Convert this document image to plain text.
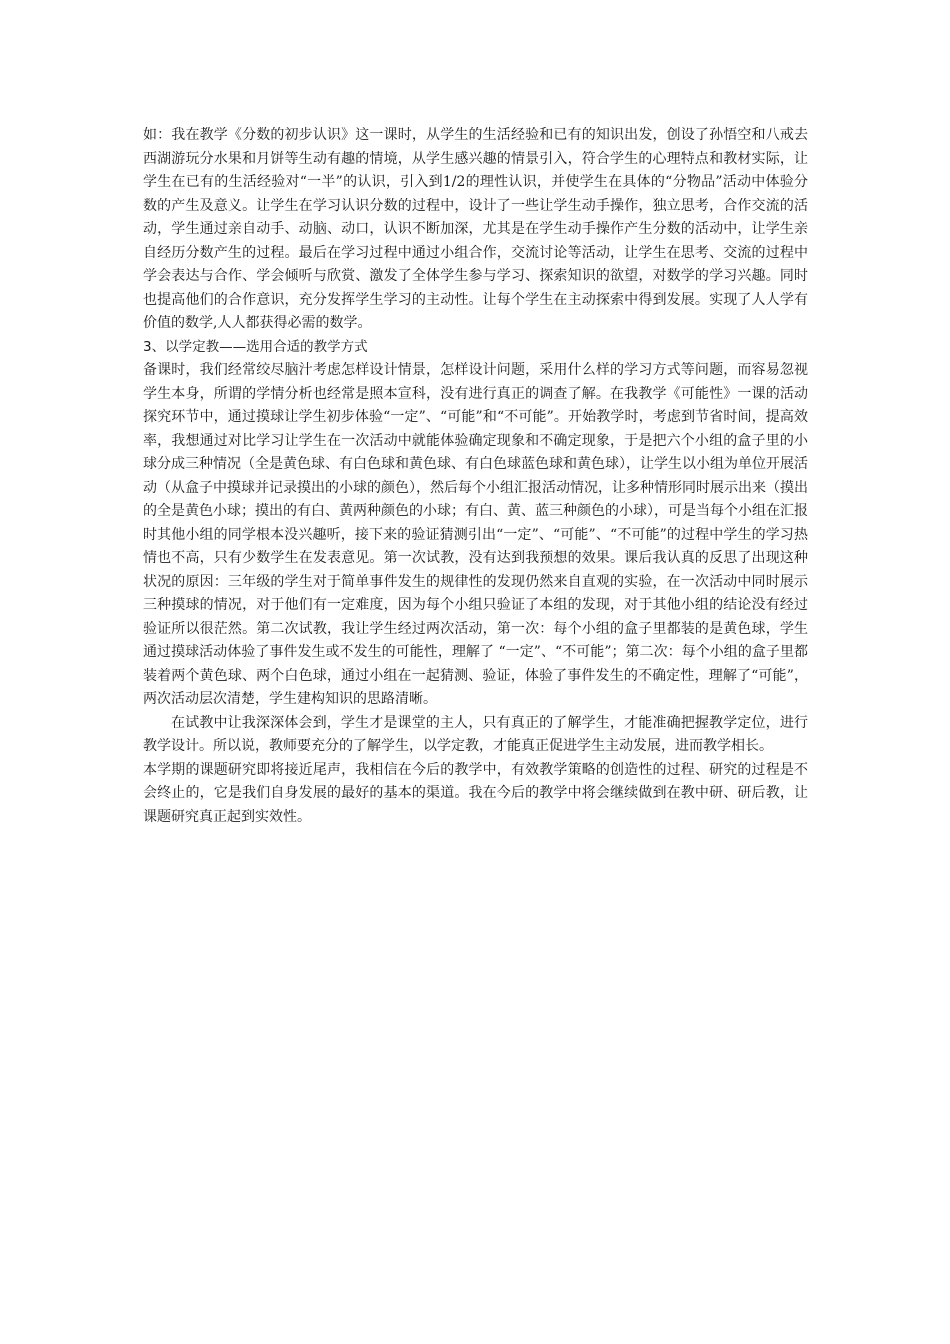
如：我在教学《分数的初步认识》这一课时，从学生的生活经验和已有的知识出发，创设了孙悟空和八戒去西湖游玩分水果和月饼等生动有趣的情境，从学生感兴趣的情景引入，符合学生的心理特点和教材实际，让学生在已有的生活经验对“一半”的认识，引入到1/2的理性认识，并使学生在具体的“分物品”活动中体验分数的产生及意义。让学生在学习认识分数的过程中，设计了一些让学生动手操作，独立思考，合作交流的活动，学生通过亲自动手、动脑、动口，认识不断加深，尤其是在学生动手操作产生分数的活动中，让学生亲自经历分数产生的过程。最后在学习过程中通过小组合作，交流讨论等活动，让学生在思考、交流的过程中学会表达与合作、学会倾听与欣赏、激发了全体学生参与学习、探索知识的欲望，对数学的学习兴趣。同时也提高他们的合作意识，充分发挥学生学习的主动性。让每个学生在主动探索中得到发展。实现了人人学有价值的数学,人人都获得必需的数学。

3、以学定教——选用合适的教学方式

备课时，我们经常绞尽脑汁考虑怎样设计情景，怎样设计问题，采用什么样的学习方式等问题，而容易忽视学生本身，所谓的学情分析也经常是照本宣科，没有进行真正的调查了解。在我教学《可能性》一课的活动探究环节中，通过摸球让学生初步体验“一定”、“可能”和“不可能”。开始教学时，考虑到节省时间，提高效率，我想通过对比学习让学生在一次活动中就能体验确定现象和不确定现象，于是把六个小组的盒子里的小球分成三种情况（全是黄色球、有白色球和黄色球、有白色球蓝色球和黄色球），让学生以小组为单位开展活动（从盒子中摸球并记录摸出的小球的颜色），然后每个小组汇报活动情况，让多种情形同时展示出来（摸出的全是黄色小球；摸出的有白、黄两种颜色的小球；有白、黄、蓝三种颜色的小球），可是当每个小组在汇报时其他小组的同学根本没兴趣听，接下来的验证猜测引出“一定”、“可能”、“不可能”的过程中学生的学习热情也不高，只有少数学生在发表意见。第一次试教，没有达到我预想的效果。课后我认真的反思了出现这种状况的原因：三年级的学生对于简单事件发生的规律性的发现仍然来自直观的实验，在一次活动中同时展示三种摸球的情况，对于他们有一定难度，因为每个小组只验证了本组的发现，对于其他小组的结论没有经过验证所以很茫然。第二次试教，我让学生经过两次活动，第一次：每个小组的盒子里都装的是黄色球，学生通过摸球活动体验了事件发生或不发生的可能性，理解了 “一定”、“不可能”；第二次：每个小组的盒子里都装着两个黄色球、两个白色球，通过小组在一起猜测、验证，体验了事件发生的不确定性，理解了“可能”，两次活动层次清楚，学生建构知识的思路清晰。

在试教中让我深深体会到，学生才是课堂的主人，只有真正的了解学生，才能准确把握教学定位，进行教学设计。所以说，教师要充分的了解学生，以学定教，才能真正促进学生主动发展，进而教学相长。

本学期的课题研究即将接近尾声，我相信在今后的教学中，有效教学策略的创造性的过程、研究的过程是不会终止的，它是我们自身发展的最好的基本的渠道。我在今后的教学中将会继续做到在教中研、研后教，让课题研究真正起到实效性。
